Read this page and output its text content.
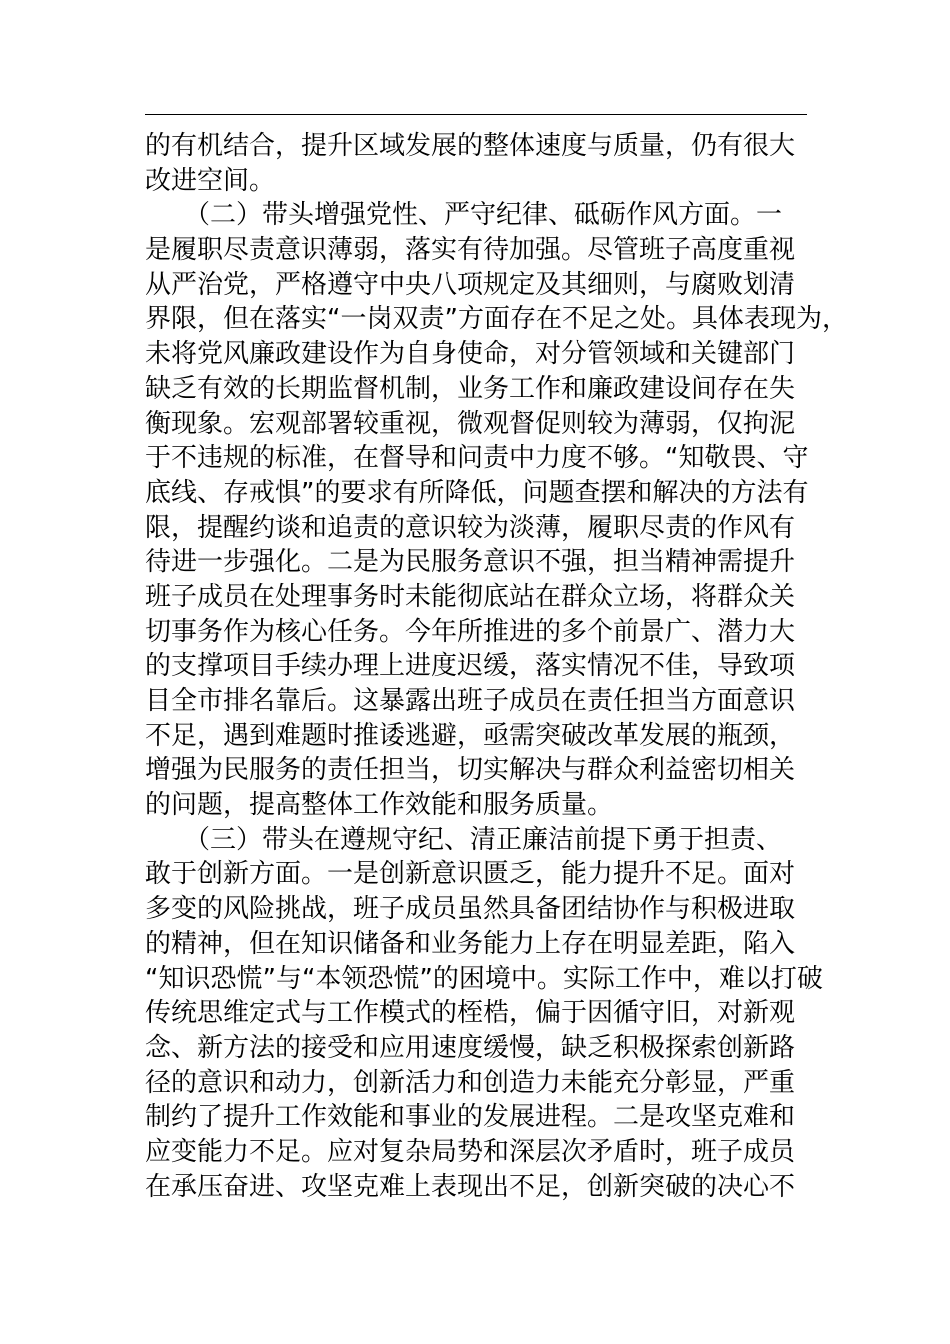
的有机结合，提升区域发展的整体速度与质量，仍有很大
改进空间。
　　（二）带头增强党性、严守纪律、砥砺作风方面。一
是履职尽责意识薄弱，落实有待加强。尽管班子高度重视
从严治党，严格遵守中央八项规定及其细则，与腐败划清
界限，但在落实“一岗双责”方面存在不足之处。具体表现为，
未将党风廉政建设作为自身使命，对分管领域和关键部门
缺乏有效的长期监督机制，业务工作和廉政建设间存在失
衡现象。宏观部署较重视，微观督促则较为薄弱，仅拘泥
于不违规的标准，在督导和问责中力度不够。“知敬畏、守
底线、存戒惧”的要求有所降低，问题查摆和解决的方法有
限，提醒约谈和追责的意识较为淡薄，履职尽责的作风有
待进一步强化。二是为民服务意识不强，担当精神需提升
班子成员在处理事务时未能彻底站在群众立场，将群众关
切事务作为核心任务。今年所推进的多个前景广、潜力大
的支撑项目手续办理上进度迟缓，落实情况不佳，导致项
目全市排名靠后。这暴露出班子成员在责任担当方面意识
不足，遇到难题时推诿逃避，亟需突破改革发展的瓶颈，
增强为民服务的责任担当，切实解决与群众利益密切相关
的问题，提高整体工作效能和服务质量。
　　（三）带头在遵规守纪、清正廉洁前提下勇于担责、
敢于创新方面。一是创新意识匮乏，能力提升不足。面对
多变的风险挑战，班子成员虽然具备团结协作与积极进取
的精神，但在知识储备和业务能力上存在明显差距，陷入
“知识恐慌”与“本领恐慌”的困境中。实际工作中，难以打破
传统思维定式与工作模式的桎梏，偏于因循守旧，对新观
念、新方法的接受和应用速度缓慢，缺乏积极探索创新路
径的意识和动力，创新活力和创造力未能充分彰显，严重
制约了提升工作效能和事业的发展进程。二是攻坚克难和
应变能力不足。应对复杂局势和深层次矛盾时，班子成员
在承压奋进、攻坚克难上表现出不足，创新突破的决心不
